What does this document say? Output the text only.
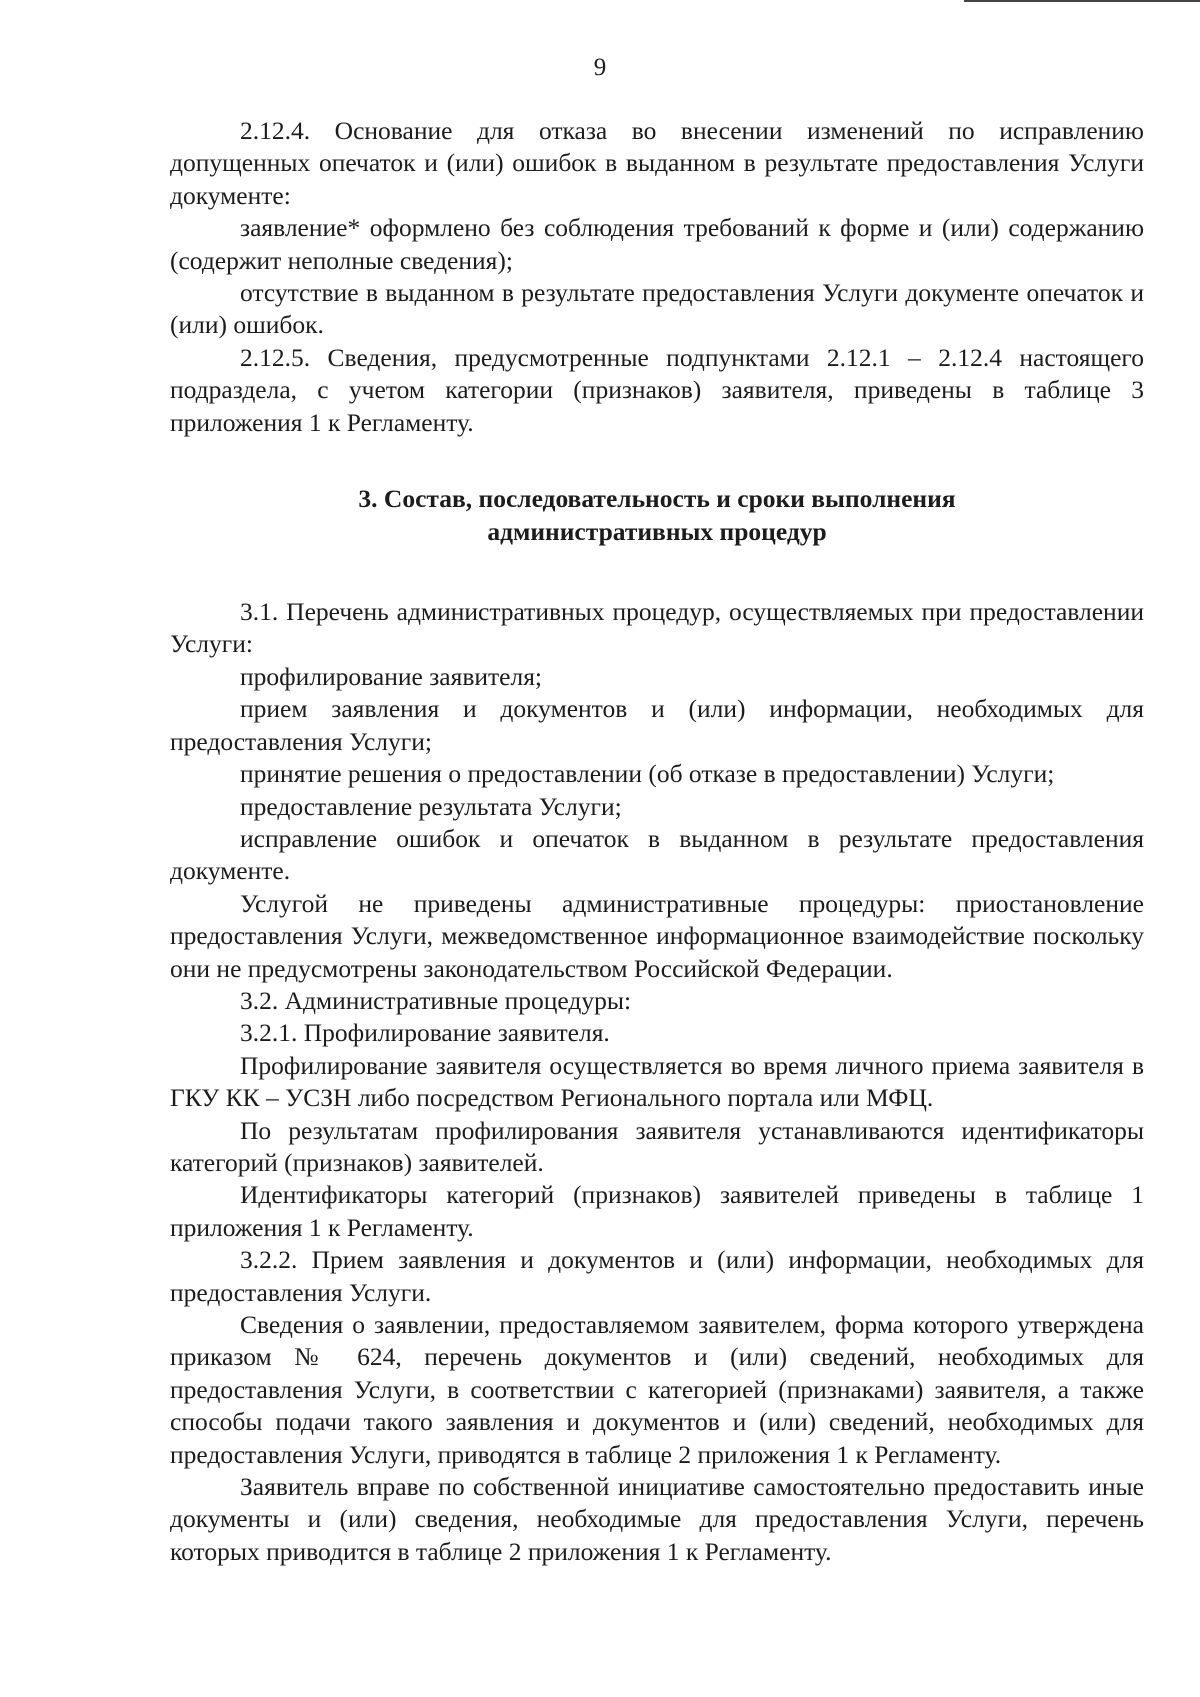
9

2.12.4. Основание для отказа во внесении изменений по исправлению допущенных опечаток и (или) ошибок в выданном в результате предоставления Услуги документе:

заявление* оформлено без соблюдения требований к форме и (или) содержанию (содержит неполные сведения);

отсутствие в выданном в результате предоставления Услуги документе опечаток и (или) ошибок.

2.12.5. Сведения, предусмотренные подпунктами 2.12.1 – 2.12.4 настоящего подраздела, с учетом категории (признаков) заявителя, приведены в таблице 3 приложения 1 к Регламенту.

3. Состав, последовательность и сроки выполнения
административных процедур

3.1. Перечень административных процедур, осуществляемых при предоставлении Услуги:

профилирование заявителя;

прием заявления и документов и (или) информации, необходимых для предоставления Услуги;

принятие решения о предоставлении (об отказе в предоставлении) Услуги;

предоставление результата Услуги;

исправление ошибок и опечаток в выданном в результате предоставления документе.

Услугой не приведены административные процедуры: приостановление предоставления Услуги, межведомственное информационное взаимодействие поскольку они не предусмотрены законодательством Российской Федерации.

3.2. Административные процедуры:

3.2.1. Профилирование заявителя.

Профилирование заявителя осуществляется во время личного приема заявителя в ГКУ КК – УСЗН либо посредством Регионального портала или МФЦ.

По результатам профилирования заявителя устанавливаются идентификаторы категорий (признаков) заявителей.

Идентификаторы категорий (признаков) заявителей приведены в таблице 1 приложения 1 к Регламенту.

3.2.2. Прием заявления и документов и (или) информации, необходимых для предоставления Услуги.

Сведения о заявлении, предоставляемом заявителем, форма которого утверждена приказом № 624, перечень документов и (или) сведений, необходимых для предоставления Услуги, в соответствии с категорией (признаками) заявителя, а также способы подачи такого заявления и документов и (или) сведений, необходимых для предоставления Услуги, приводятся в таблице 2 приложения 1 к Регламенту.

Заявитель вправе по собственной инициативе самостоятельно предоставить иные документы и (или) сведения, необходимые для предоставления Услуги, перечень которых приводится в таблице 2 приложения 1 к Регламенту.
